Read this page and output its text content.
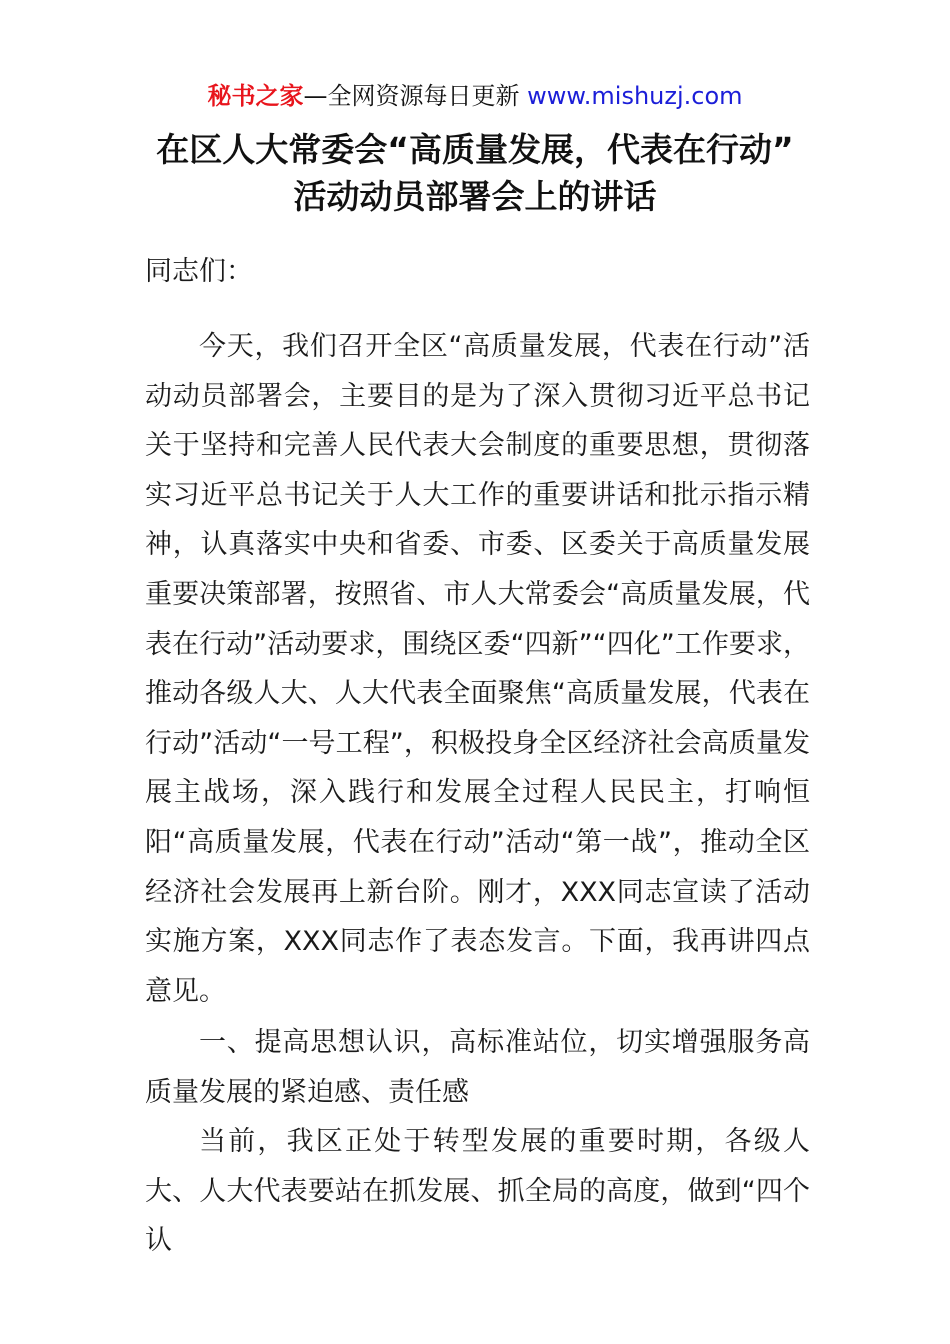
秘书之家—全网资源每日更新 www.mishuzj.com
在区人大常委会“高质量发展，代表在行动”
活动动员部署会上的讲话
同志们：

今天，我们召开全区“高质量发展，代表在行动”活动动员部署会，主要目的是为了深入贯彻习近平总书记关于坚持和完善人民代表大会制度的重要思想，贯彻落实习近平总书记关于人大工作的重要讲话和批示指示精神，认真落实中央和省委、市委、区委关于高质量发展重要决策部署，按照省、市人大常委会“高质量发展，代表在行动”活动要求，围绕区委“四新”“四化”工作要求，推动各级人大、人大代表全面聚焦“高质量发展，代表在行动”活动“一号工程”，积极投身全区经济社会高质量发展主战场，深入践行和发展全过程人民民主，打响恒阳“高质量发展，代表在行动”活动“第一战”，推动全区经济社会发展再上新台阶。刚才，XXX同志宣读了活动实施方案，XXX同志作了表态发言。下面，我再讲四点意见。

一、提高思想认识，高标准站位，切实增强服务高质量发展的紧迫感、责任感

当前，我区正处于转型发展的重要时期，各级人大、人大代表要站在抓发展、抓全局的高度，做到“四个认
